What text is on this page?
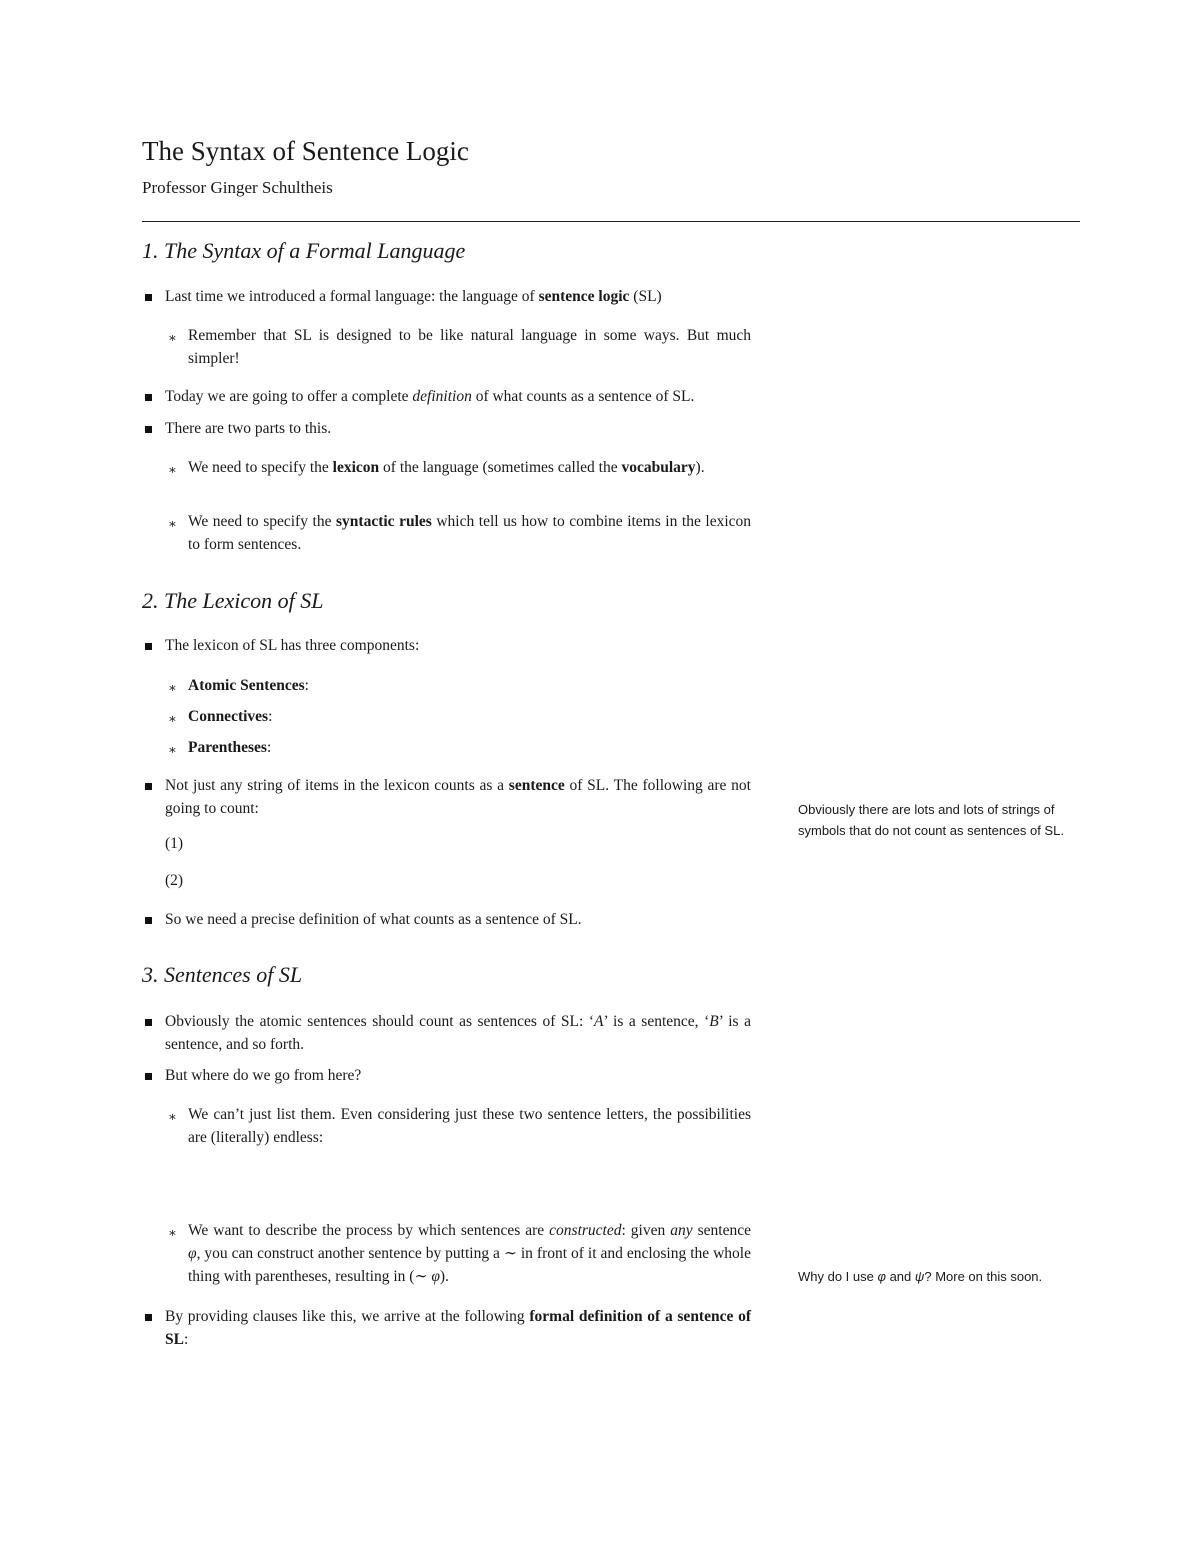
The Syntax of Sentence Logic
Professor Ginger Schultheis
1. The Syntax of a Formal Language
Last time we introduced a formal language: the language of sentence logic (SL)
∗ Remember that SL is designed to be like natural language in some ways. But much simpler!
Today we are going to offer a complete definition of what counts as a sentence of SL.
There are two parts to this.
∗ We need to specify the lexicon of the language (sometimes called the vocabulary).
∗ We need to specify the syntactic rules which tell us how to combine items in the lexicon to form sentences.
2. The Lexicon of SL
The lexicon of SL has three components:
∗ Atomic Sentences:
∗ Connectives:
∗ Parentheses:
Not just any string of items in the lexicon counts as a sentence of SL. The following are not going to count:	Obviously there are lots and lots of strings of symbols that do not count as sentences of SL.
(1)
(2)
So we need a precise definition of what counts as a sentence of SL.
3. Sentences of SL
Obviously the atomic sentences should count as sentences of SL: ‘A’ is a sentence, ‘B’ is a sentence, and so forth.
But where do we go from here?
∗ We can’t just list them. Even considering just these two sentence letters, the possibilities are (literally) endless:
∗ We want to describe the process by which sentences are constructed: given any sentence φ, you can construct another sentence by putting a ∼ in front of it and enclosing the whole thing with parentheses, resulting in (∼ φ).	Why do I use φ and ψ? More on this soon.
By providing clauses like this, we arrive at the following formal definition of a sentence of SL:
